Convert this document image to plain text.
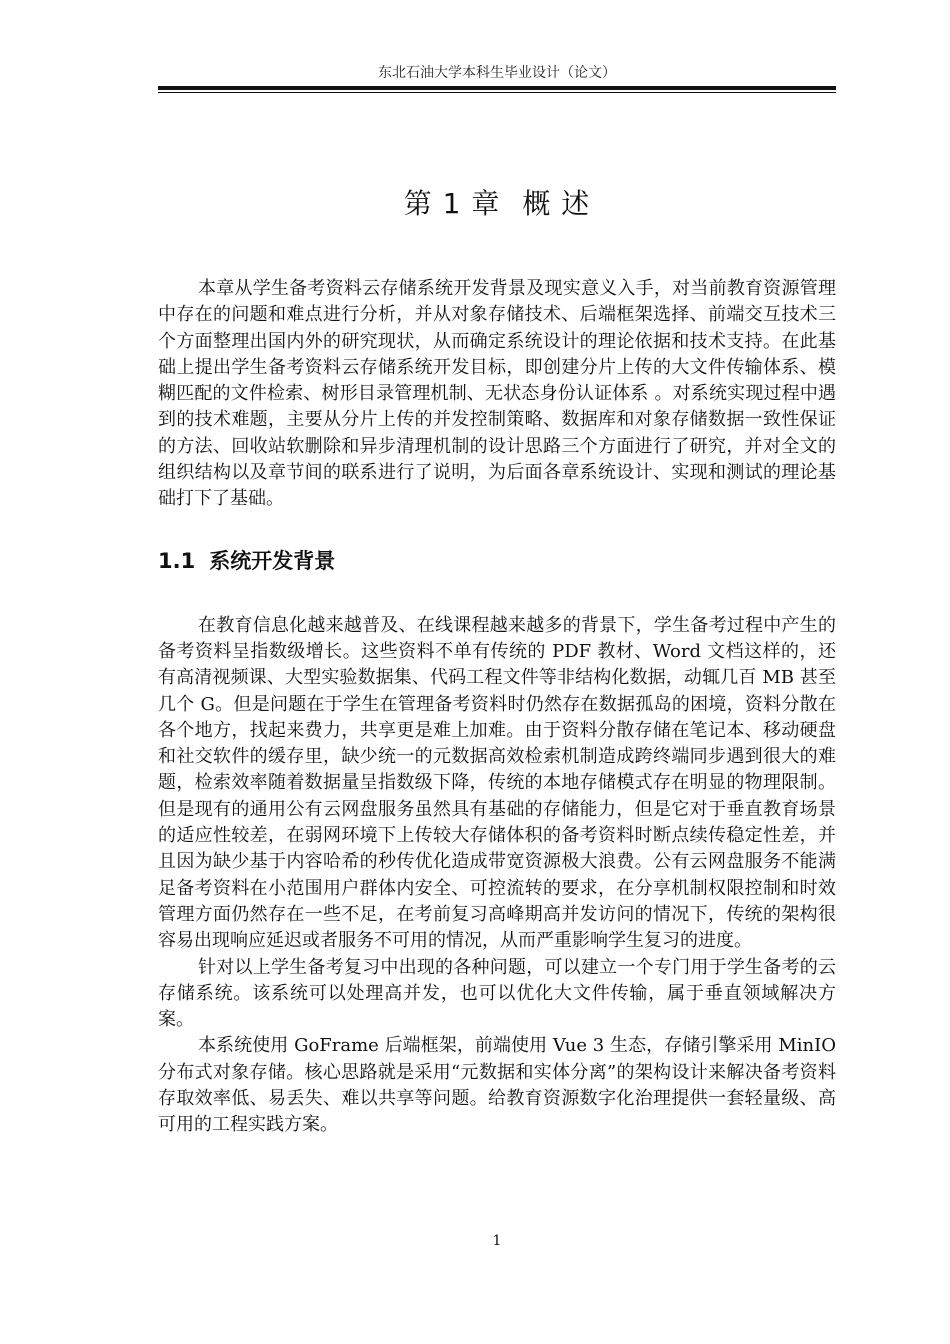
东北石油大学本科生毕业设计（论文）
第 1 章 概 述

本章从学生备考资料云存储系统开发背景及现实意义入手，对当前教育资源管理中存在的问题和难点进行分析，并从对象存储技术、后端框架选择、前端交互技术三个方面整理出国内外的研究现状，从而确定系统设计的理论依据和技术支持。在此基础上提出学生备考资料云存储系统开发目标，即创建分片上传的大文件传输体系、模糊匹配的文件检索、树形目录管理机制、无状态身份认证体系 。对系统实现过程中遇到的技术难题，主要从分片上传的并发控制策略、数据库和对象存储数据一致性保证的方法、回收站软删除和异步清理机制的设计思路三个方面进行了研究，并对全文的组织结构以及章节间的联系进行了说明，为后面各章系统设计、实现和测试的理论基础打下了基础。

1.1 系统开发背景

在教育信息化越来越普及、在线课程越来越多的背景下，学生备考过程中产生的备考资料呈指数级增长。这些资料不单有传统的 PDF 教材、Word 文档这样的，还有高清视频课、大型实验数据集、代码工程文件等非结构化数据，动辄几百 MB 甚至几个 G。但是问题在于学生在管理备考资料时仍然存在数据孤岛的困境，资料分散在各个地方，找起来费力，共享更是难上加难。由于资料分散存储在笔记本、移动硬盘和社交软件的缓存里，缺少统一的元数据高效检索机制造成跨终端同步遇到很大的难题，检索效率随着数据量呈指数级下降，传统的本地存储模式存在明显的物理限制。但是现有的通用公有云网盘服务虽然具有基础的存储能力，但是它对于垂直教育场景的适应性较差，在弱网环境下上传较大存储体积的备考资料时断点续传稳定性差，并且因为缺少基于内容哈希的秒传优化造成带宽资源极大浪费。公有云网盘服务不能满足备考资料在小范围用户群体内安全、可控流转的要求，在分享机制权限控制和时效管理方面仍然存在一些不足，在考前复习高峰期高并发访问的情况下，传统的架构很容易出现响应延迟或者服务不可用的情况，从而严重影响学生复习的进度。

针对以上学生备考复习中出现的各种问题，可以建立一个专门用于学生备考的云存储系统。该系统可以处理高并发，也可以优化大文件传输，属于垂直领域解决方案。

本系统使用 GoFrame 后端框架，前端使用 Vue 3 生态，存储引擎采用 MinIO 分布式对象存储。核心思路就是采用“元数据和实体分离”的架构设计来解决备考资料存取效率低、易丢失、难以共享等问题。给教育资源数字化治理提供一套轻量级、高可用的工程实践方案。

1
